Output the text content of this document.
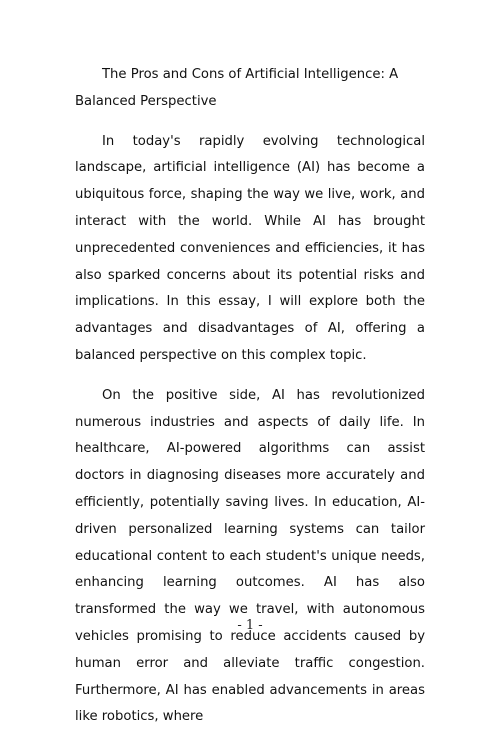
The Pros and Cons of Artificial Intelligence: A Balanced Perspective

In today's rapidly evolving technological landscape, artificial intelligence (AI) has become a ubiquitous force, shaping the way we live, work, and interact with the world. While AI has brought unprecedented conveniences and efficiencies, it has also sparked concerns about its potential risks and implications. In this essay, I will explore both the advantages and disadvantages of AI, offering a balanced perspective on this complex topic.

On the positive side, AI has revolutionized numerous industries and aspects of daily life. In healthcare, AI-powered algorithms can assist doctors in diagnosing diseases more accurately and efficiently, potentially saving lives. In education, AI-driven personalized learning systems can tailor educational content to each student's unique needs, enhancing learning outcomes. AI has also transformed the way we travel, with autonomous vehicles promising to reduce accidents caused by human error and alleviate traffic congestion. Furthermore, AI has enabled advancements in areas like robotics, where

- 1 -
